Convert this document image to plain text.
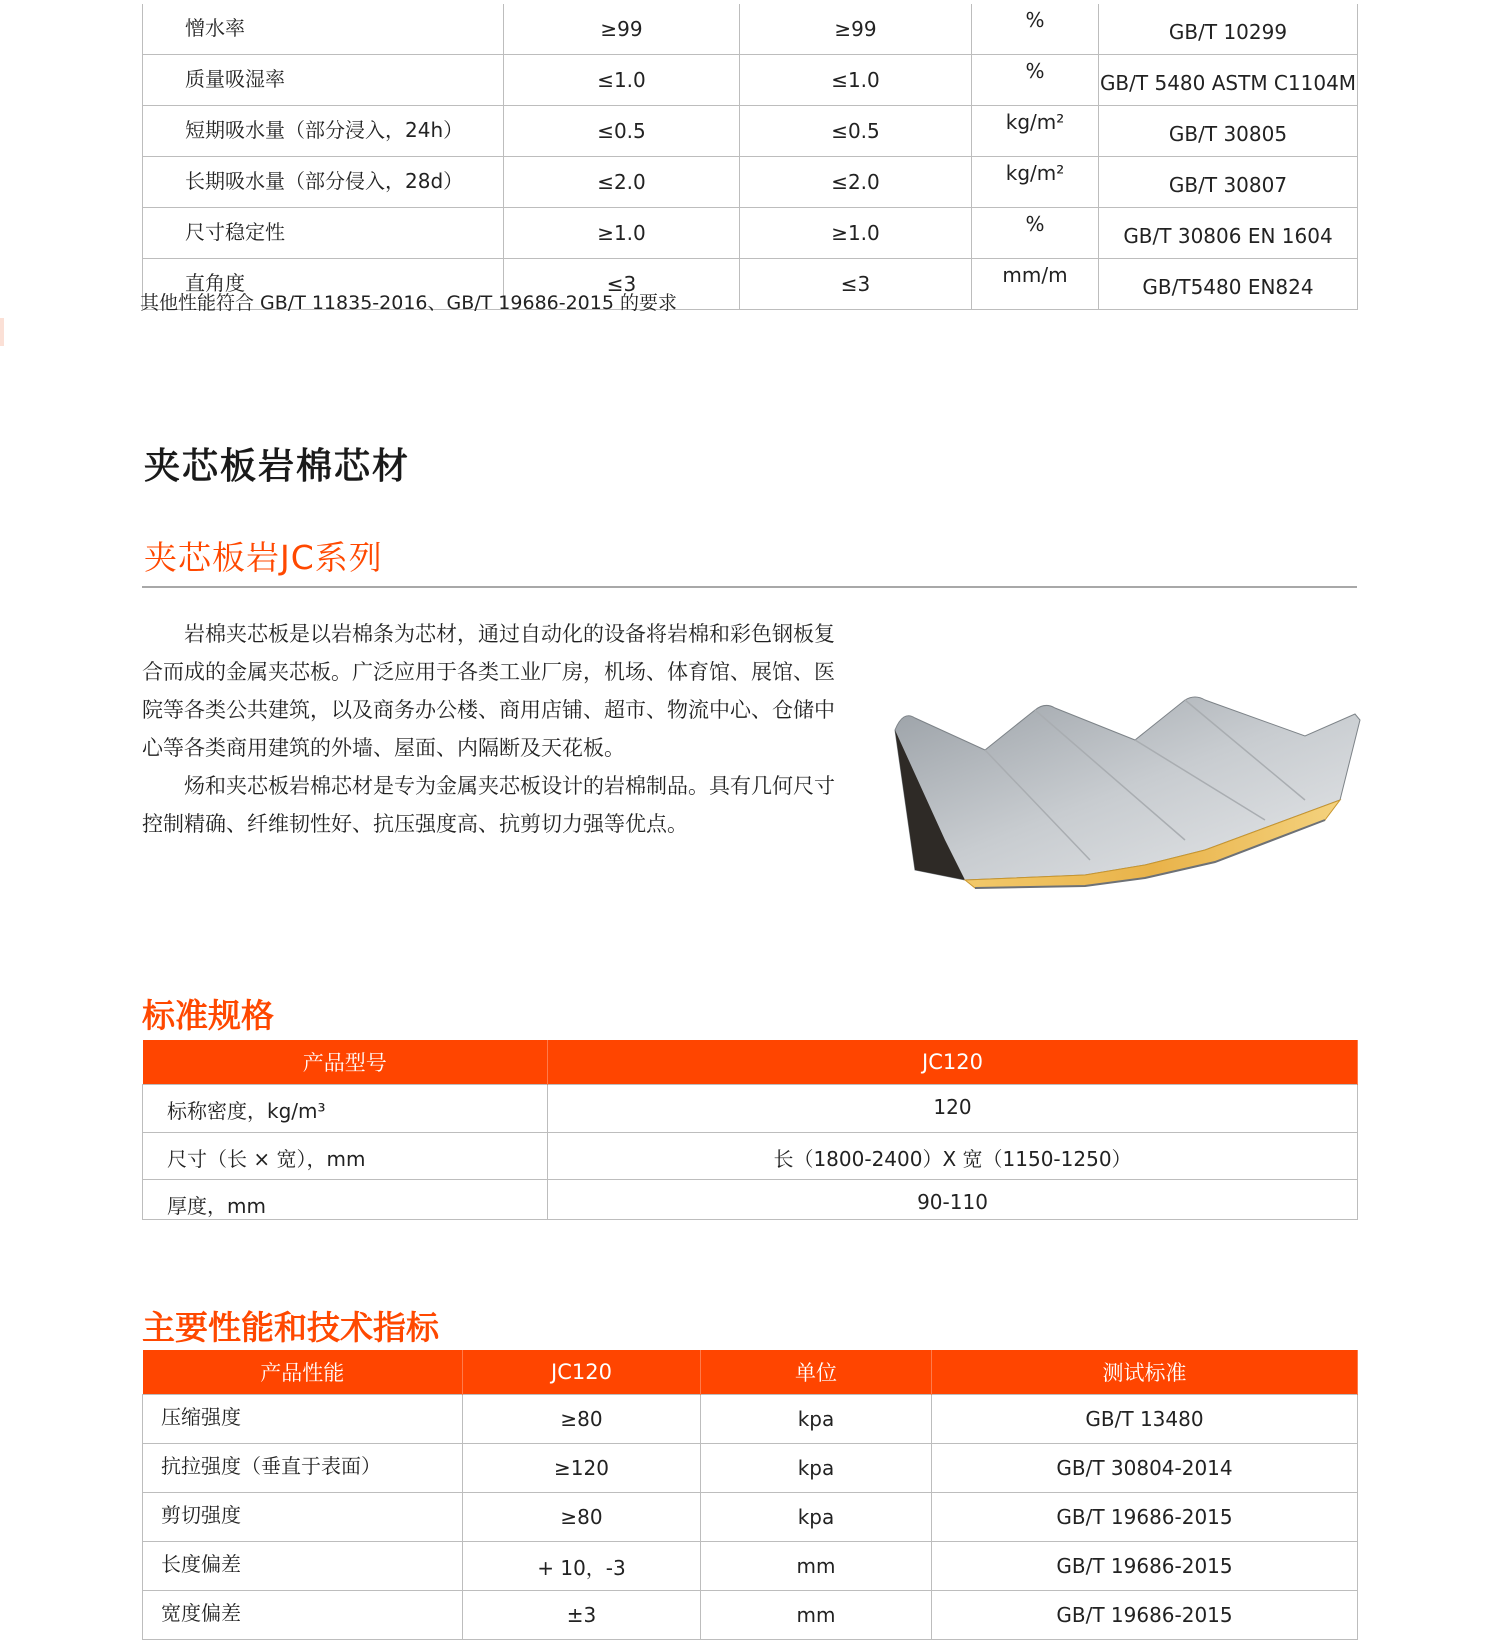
憎水率	≥99	≥99	%	GB/T 10299
质量吸湿率	≤1.0	≤1.0	%	GB/T 5480 ASTM C1104M
短期吸水量（部分浸入，24h）	≤0.5	≤0.5	kg/m²	GB/T 30805
长期吸水量（部分侵入，28d）	≤2.0	≤2.0	kg/m²	GB/T 30807
尺寸稳定性	≥1.0	≥1.0	%	GB/T 30806 EN 1604
直角度	≤3	≤3	mm/m	GB/T5480 EN824
其他性能符合 GB/T 11835-2016、GB/T 19686-2015 的要求
夹芯板岩棉芯材
夹芯板岩JC系列

岩棉夹芯板是以岩棉条为芯材，通过自动化的设备将岩棉和彩色钢板复合而成的金属夹芯板。广泛应用于各类工业厂房，机场、体育馆、展馆、医院等各类公共建筑，以及商务办公楼、商用店铺、超市、物流中心、仓储中心等各类商用建筑的外墙、屋面、内隔断及天花板。

炀和夹芯板岩棉芯材是专为金属夹芯板设计的岩棉制品。具有几何尺寸控制精确、纤维韧性好、抗压强度高、抗剪切力强等优点。

标准规格
产品型号	JC120
标称密度，kg/m³	120
尺寸（长 × 宽），mm	长（1800-2400）X 宽（1150-1250）
厚度，mm	90-110
主要性能和技术指标
产品性能	JC120	单位	测试标准
压缩强度	≥80	kpa	GB/T 13480
抗拉强度（垂直于表面）	≥120	kpa	GB/T 30804-2014
剪切强度	≥80	kpa	GB/T 19686-2015
长度偏差	+ 10，-3	mm	GB/T 19686-2015
宽度偏差	±3	mm	GB/T 19686-2015
